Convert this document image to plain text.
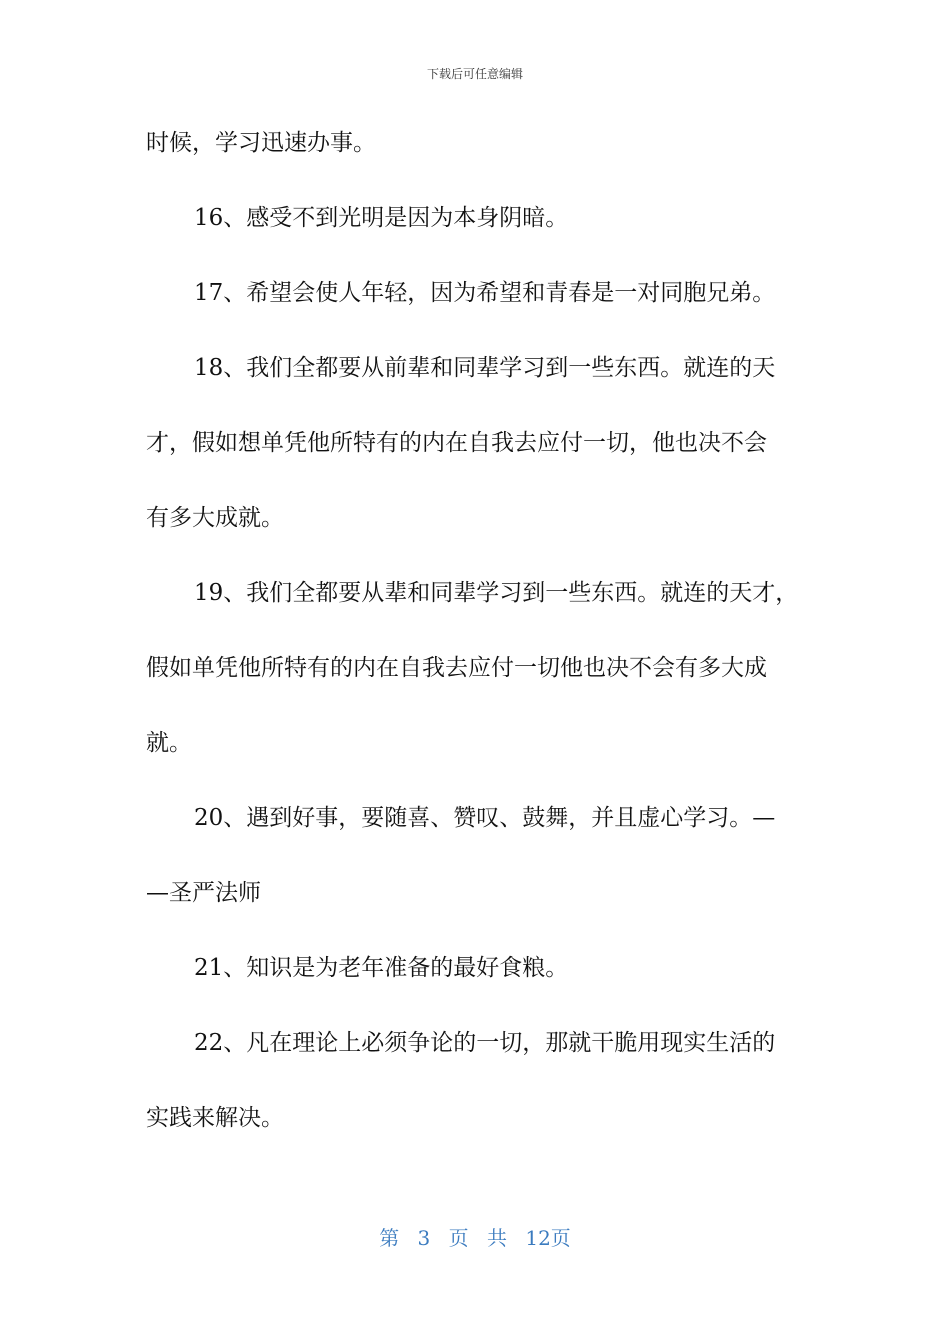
下载后可任意编辑
时候，学习迅速办事。
16、感受不到光明是因为本身阴暗。
17、希望会使人年轻，因为希望和青春是一对同胞兄弟。
18、我们全都要从前辈和同辈学习到一些东西。就连的天
才，假如想单凭他所特有的内在自我去应付一切，他也决不会
有多大成就。
19、我们全都要从辈和同辈学习到一些东西。就连的天才，
假如单凭他所特有的内在自我去应付一切他也决不会有多大成
就。
20、遇到好事，要随喜、赞叹、鼓舞，并且虚心学习。—
—圣严法师
21、知识是为老年准备的最好食粮。
22、凡在理论上必须争论的一切，那就干脆用现实生活的
实践来解决。
第 3 页 共 12页
